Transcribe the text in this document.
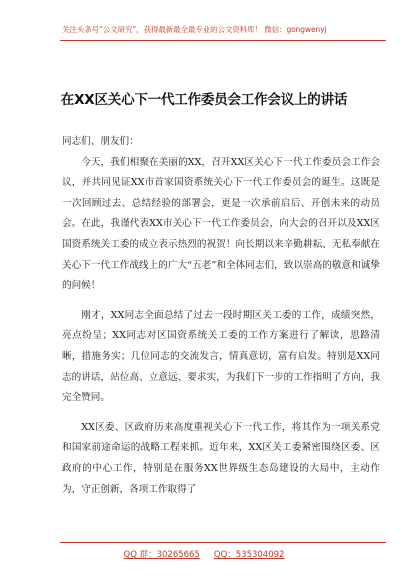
关注头条号“公文研究”，获得最新最全最专业的公文资料库！ 微信：gongwenyj
在XX区关心下一代工作委员会工作会议上的讲话

同志们、朋友们：

今天，我们相聚在美丽的XX，召开XX区关心下一代工作委员会工作会议，并共同见证XX市首家国资系统关心下一代工作委员会的诞生。这既是一次回顾过去、总结经验的部署会，更是一次承前启后、开创未来的动员会。在此，我谨代表XX市关心下一代工作委员会，向大会的召开以及XX区国资系统关工委的成立表示热烈的祝贺！向长期以来辛勤耕耘、无私奉献在关心下一代工作战线上的广大“五老”和全体同志们，致以崇高的敬意和诚挚的问候！

刚才，XX同志全面总结了过去一段时期区关工委的工作，成绩突然，亮点纷呈；XX同志对区国资系统关工委的工作方案进行了解读，思路清晰，措施务实；几位同志的交流发言，情真意切，富有启发。特别是XX同志的讲话，站位高、立意远、要求实，为我们下一步的工作指明了方向，我完全赞同。

XX区委、区政府历来高度重视关心下一代工作，将其作为一项关系党和国家前途命运的战略工程来抓。近年来，XX区关工委紧密围绕区委、区政府的中心工作，特别是在服务XX世界级生态岛建设的大局中，主动作为，守正创新，各项工作取得了

QQ 群：30265665 QQ：535304092
